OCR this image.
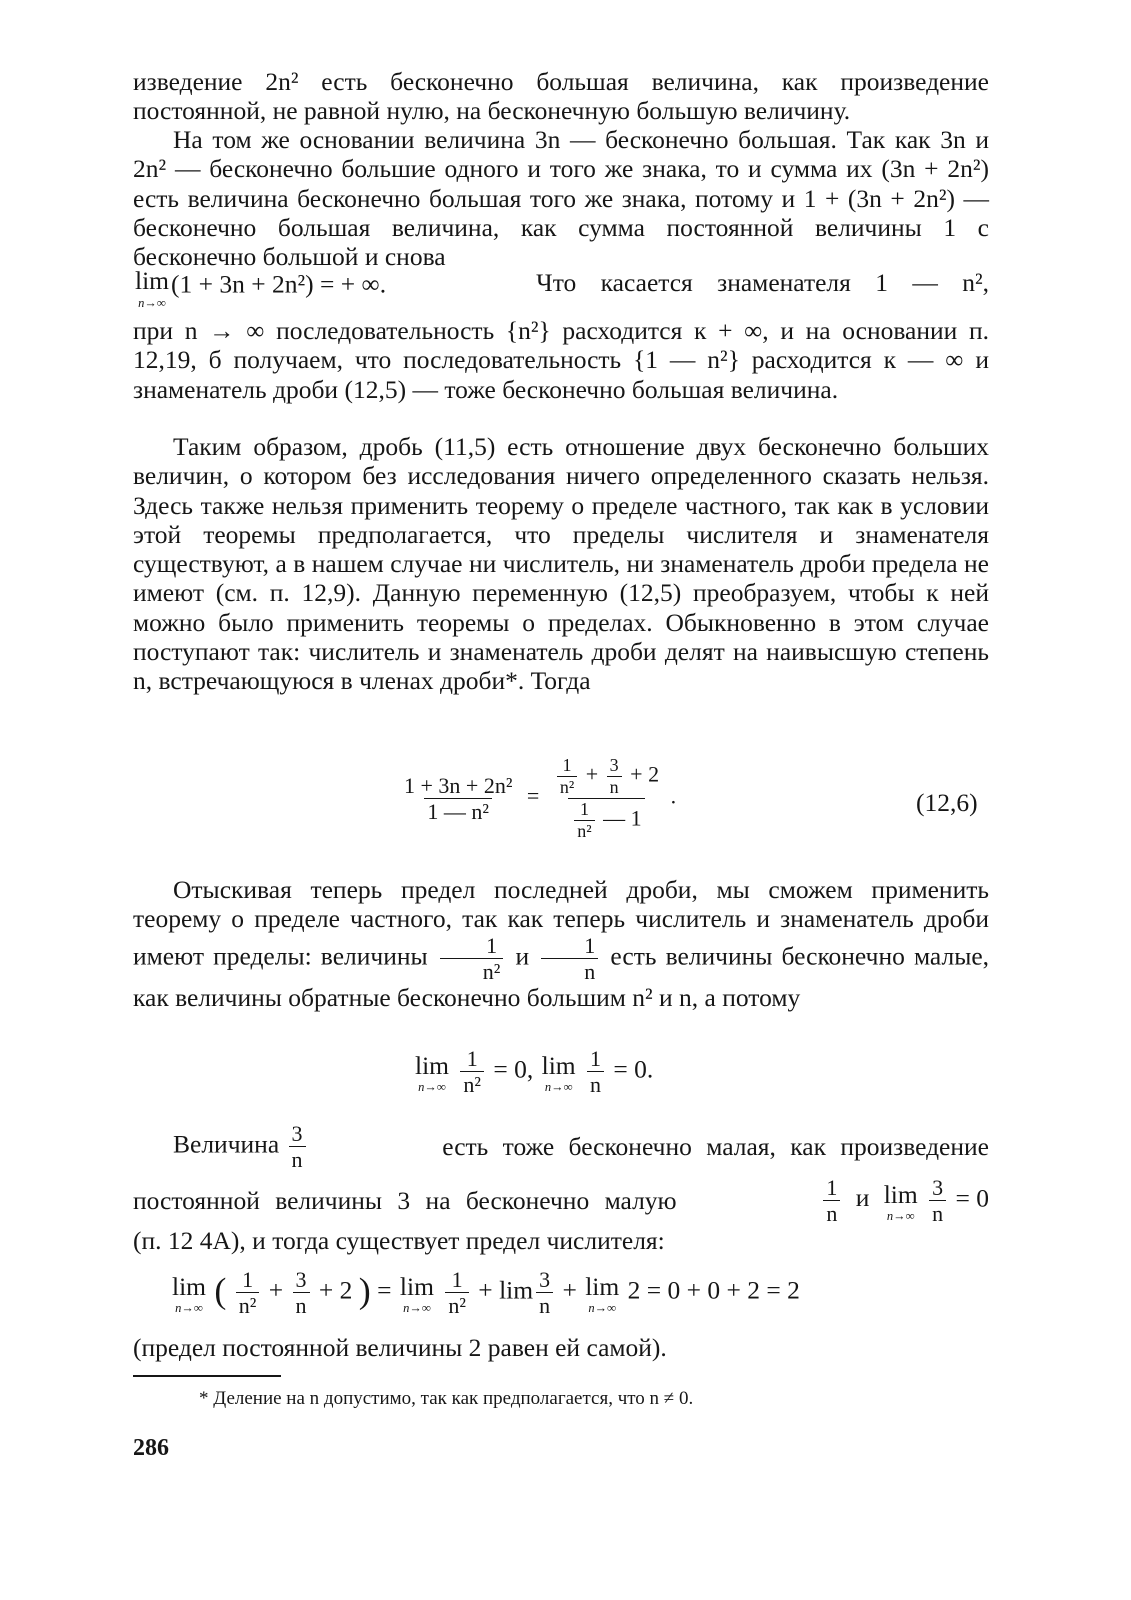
изведение 2n² есть бесконечно большая величина, как произведение постоянной, не равной нулю, на бесконечную большую величину.

На том же основании величина 3n — бесконечно большая. Так как 3n и 2n² — бесконечно большие одного и того же знака, то и сумма их (3n + 2n²) есть величина бесконечно большая того же знака, потому и 1 + (3n + 2n²) — бесконечно большая величина, как сумма постоянной величины 1 с бесконечно большой и снова

lim
n→∞
(1 + 3n + 2n²) = + ∞.	Что касается знаменателя 1 — n²,

при n → ∞ последовательность {n²} расходится к + ∞, и на основании п. 12,19, б получаем, что последовательность {1 — n²} расходится к — ∞ и знаменатель дроби (12,5) — тоже бесконечно большая величина.

Таким образом, дробь (11,5) есть отношение двух бесконечно больших величин, о котором без исследования ничего определенного сказать нельзя. Здесь также нельзя применить теорему о пределе частного, так как в условии этой теоремы предполагается, что пределы числителя и знаменателя существуют, а в нашем случае ни числитель, ни знаменатель дроби предела не имеют (см. п. 12,9). Данную переменную (12,5) преобразуем, чтобы к ней можно было применить теоремы о пределах. Обыкновенно в этом случае поступают так: числитель и знаменатель дроби делят на наивысшую степень n, встречающуюся в членах дроби*. Тогда

$\frac{\text{1 + 3n + 2n²}}{\text{1 — n²}} = \frac{\frac{1}{\text{n²}} + \frac{3}{n} + 2}{\frac{1}{\text{n²}} — 1}$ .	(12,6)

Отыскивая теперь предел последней дроби, мы сможем применить теорему о пределе частного, так как теперь числитель и знаменатель дроби имеют пределы: величины $\frac{1}{\text{n²}}$ и $\frac{1}{n}$ есть величины бесконечно малые, как величины обратные бесконечно большим n² и n, а потому

lim
n→∞
$\frac{1}{\text{n²}} = 0$, lim
n→∞
$\frac{1}{n} = 0$.
Величина $\frac{3}{n}$	есть тоже бесконечно малая, как произведение
постоянной величины 3 на бесконечно малую	$\frac{1}{n}$ и lim
n→∞
$\frac{3}{n} = 0$
(п. 12 4А), и тогда существует предел числителя:
lim
n→∞ ( $\frac{1}{\text{n²}} + \frac{3}{n} + 2$ ) = lim
n→∞
$\frac{1}{\text{n²}} + \lim \frac{3}{n} + \lim$
n→∞
2 = 0 + 0 + 2 = 2
(предел постоянной величины 2 равен ей самой).
* Деление на n допустимо, так как предполагается, что n ≠ 0.
286
